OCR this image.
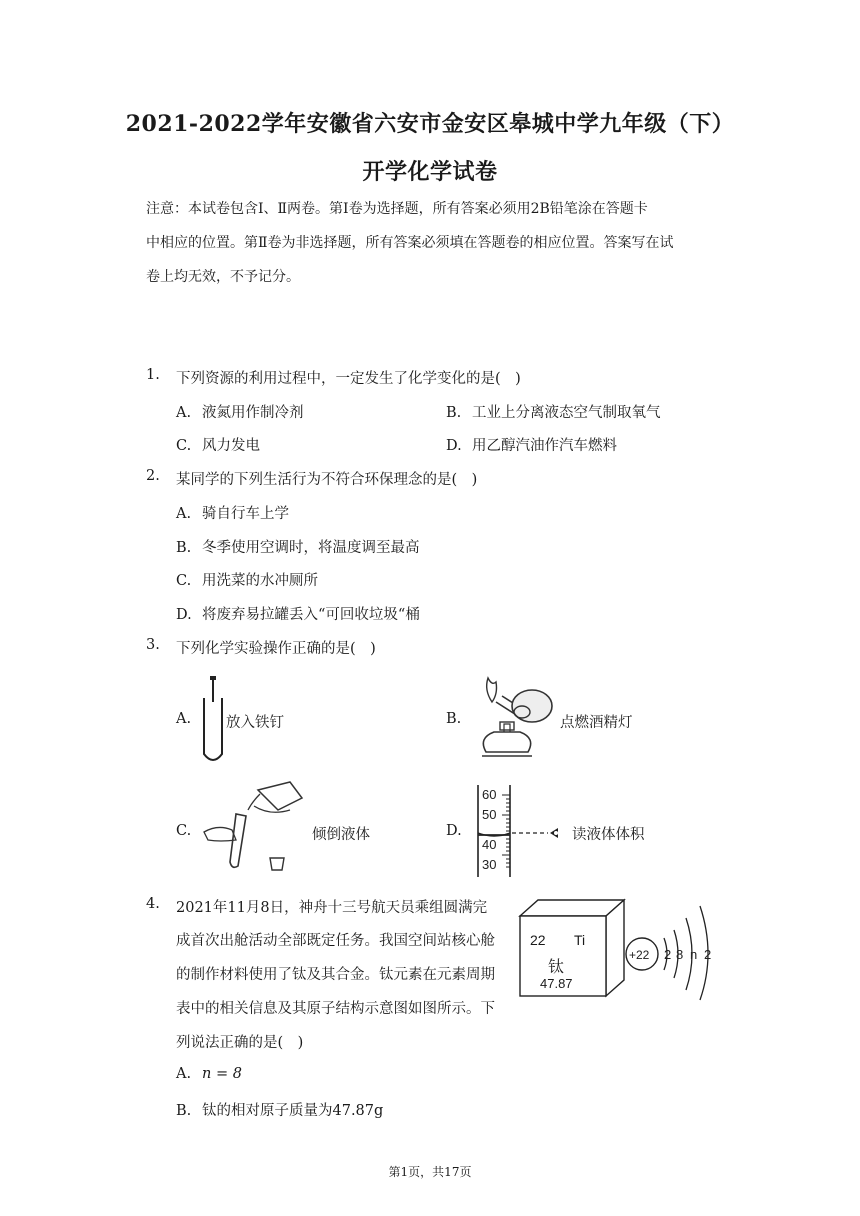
2021-2022学年安徽省六安市金安区皋城中学九年级（下）
开学化学试卷
注意：本试卷包含Ⅰ、Ⅱ两卷。第Ⅰ卷为选择题，所有答案必须用2B铅笔涂在答题卡
中相应的位置。第Ⅱ卷为非选择题，所有答案必须填在答题卷的相应位置。答案写在试
卷上均无效，不予记分。
1. 下列资源的利用过程中，一定发生了化学变化的是(　)
A. 液氮用作制冷剂	B. 工业上分离液态空气制取氧气
C. 风力发电	D. 用乙醇汽油作汽车燃料
2. 某同学的下列生活行为不符合环保理念的是(　)
A. 骑自行车上学
B. 冬季使用空调时，将温度调至最高
C. 用洗菜的水冲厕所
D. 将废弃易拉罐丢入“可回收垃圾“桶
3. 下列化学实验操作正确的是(　)
A. 放入铁钉	B.	点燃酒精灯
C.	倾倒液体	D.
60
50
40
30
读液体体积
4. 2021年11月8日，神舟十三号航天员乘组圆满完
成首次出舱活动全部既定任务。我国空间站核心舱
的制作材料使用了钛及其合金。钛元素在元素周期
表中的相关信息及其原子结构示意图如图所示。下
列说法正确的是(　)
A. n = 8
B. 钛的相对原子质量为47.87g
22 Ti
钛
47.87
+22 2 8 n 2
第1页，共17页
